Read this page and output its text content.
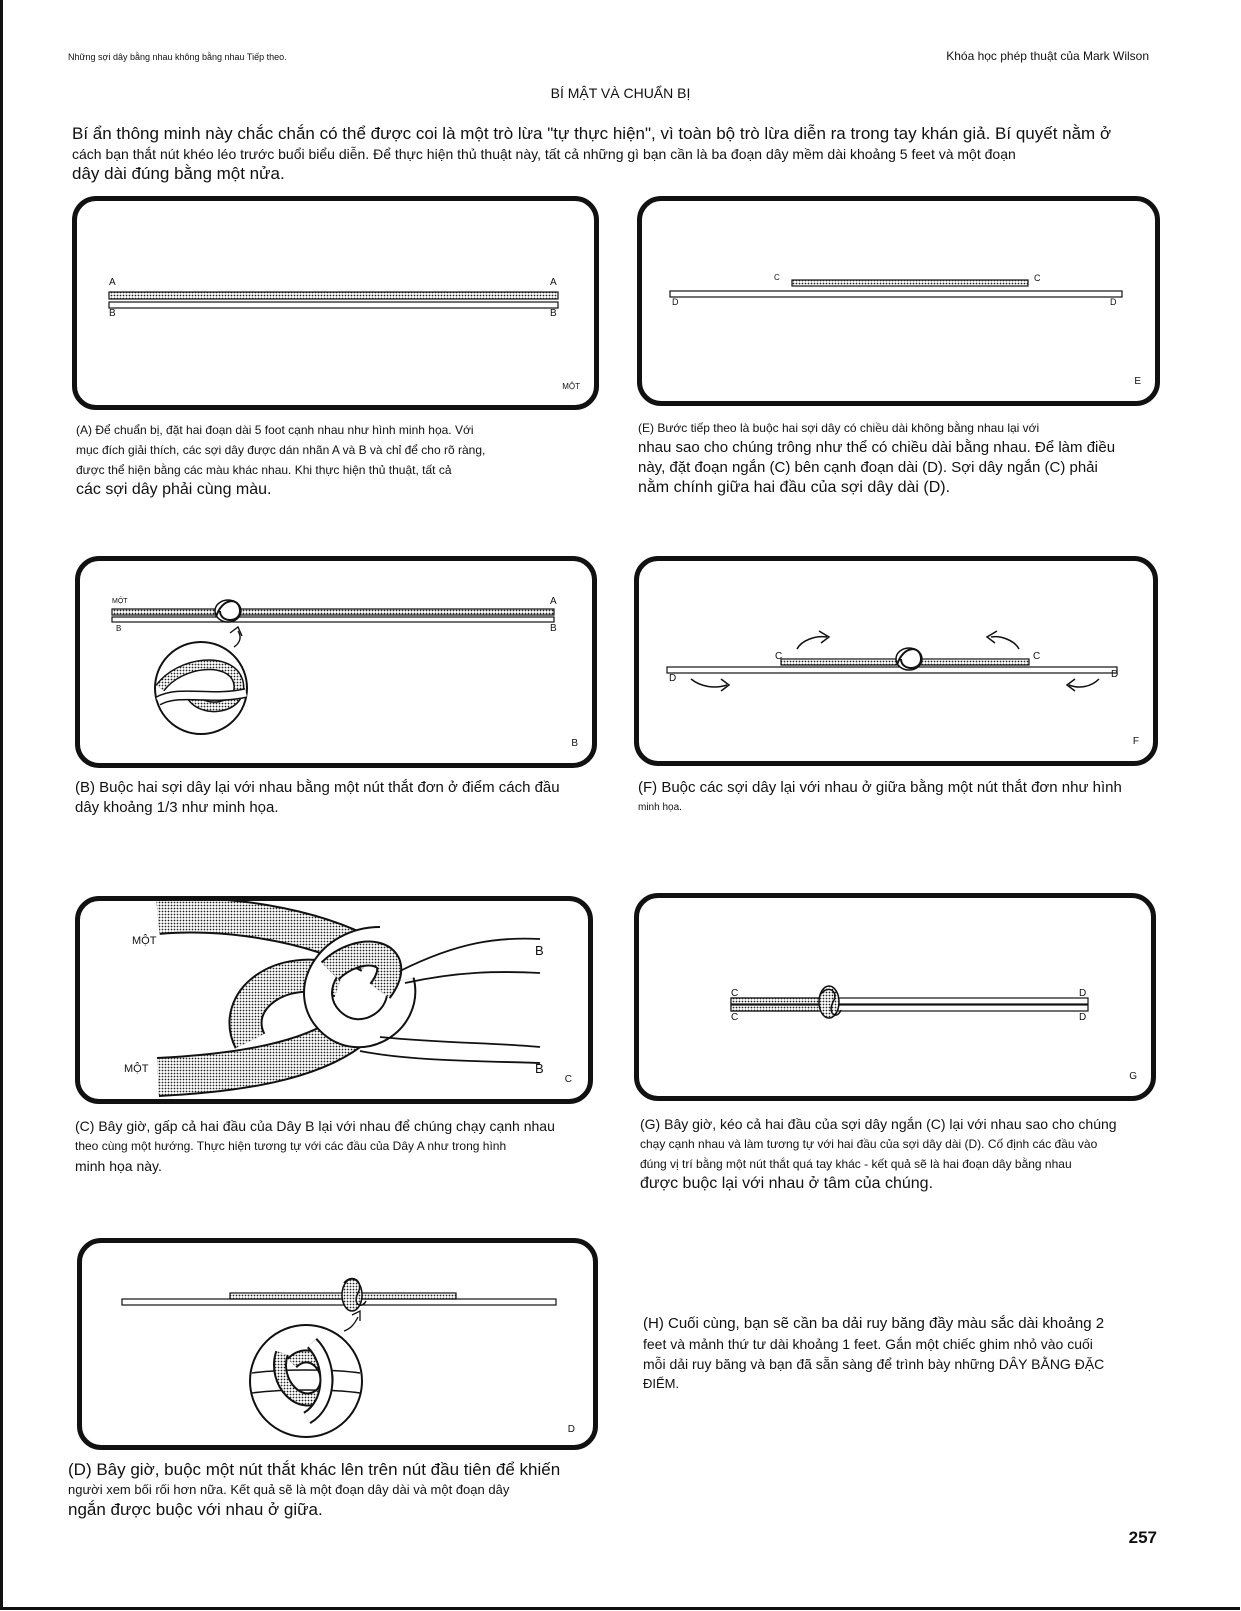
Những sợi dây bằng nhau không bằng nhau Tiếp theo.	Khóa học phép thuật của Mark Wilson
BÍ MẬT VÀ CHUẨN BỊ
Bí ẩn thông minh này chắc chắn có thể được coi là một trò lừa "tự thực hiện", vì toàn bộ trò lừa diễn ra trong tay khán giả. Bí quyết nằm ở
cách bạn thắt nút khéo léo trước buổi biểu diễn. Để thực hiện thủ thuật này, tất cả những gì bạn cần là ba đoạn dây mềm dài khoảng 5 feet và một đoạn
dây dài đúng bằng một nửa.
A	A
B	B
MỘT
(A) Để chuẩn bị, đặt hai đoạn dài 5 foot cạnh nhau như hình minh họa. Với
mục đích giải thích, các sợi dây được dán nhãn A và B và chỉ để cho rõ ràng,
được thể hiện bằng các màu khác nhau. Khi thực hiện thủ thuật, tất cả
các sợi dây phải cùng màu.
C	C
D	D
E
(E) Bước tiếp theo là buộc hai sợi dây có chiều dài không bằng nhau lại với
nhau sao cho chúng trông như thể có chiều dài bằng nhau. Để làm điều
này, đặt đoạn ngắn (C) bên cạnh đoạn dài (D). Sợi dây ngắn (C) phải
nằm chính giữa hai đầu của sợi dây dài (D).
MỘT
B
A
B
B
(B) Buộc hai sợi dây lại với nhau bằng một nút thắt đơn ở điểm cách đầu
dây khoảng 1/3 như minh họa.
C	C
D	D
F
(F) Buộc các sợi dây lại với nhau ở giữa bằng một nút thắt đơn như hình
minh họa.
MỘT
MỘT
B
B
C
(C) Bây giờ, gấp cả hai đầu của Dây B lại với nhau để chúng chạy cạnh nhau
theo cùng một hướng. Thực hiện tương tự với các đầu của Dây A như trong hình
minh họa này.
C
C
D
D
G
(G) Bây giờ, kéo cả hai đầu của sợi dây ngắn (C) lại với nhau sao cho chúng
chạy cạnh nhau và làm tương tự với hai đầu của sợi dây dài (D). Cố định các đầu vào
đúng vị trí bằng một nút thắt quá tay khác - kết quả sẽ là hai đoạn dây bằng nhau
được buộc lại với nhau ở tâm của chúng.
D
(D) Bây giờ, buộc một nút thắt khác lên trên nút đầu tiên để khiến
người xem bối rối hơn nữa. Kết quả sẽ là một đoạn dây dài và một đoạn dây
ngắn được buộc với nhau ở giữa.
(H) Cuối cùng, bạn sẽ cần ba dải ruy băng đầy màu sắc dài khoảng 2
feet và mảnh thứ tư dài khoảng 1 feet. Gắn một chiếc ghim nhỏ vào cuối
mỗi dải ruy băng và bạn đã sẵn sàng để trình bày những DÂY BẰNG ĐẶC
ĐIỂM.
257
